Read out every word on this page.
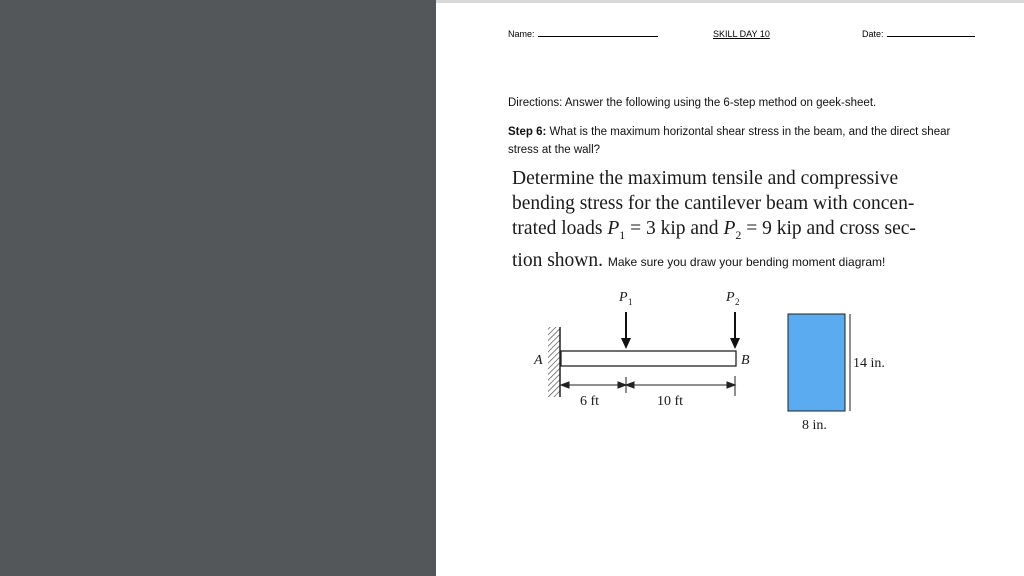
Name:	SKILL DAY 10	Date:
Directions: Answer the following using the 6-step method on geek-sheet.
Step 6: What is the maximum horizontal shear stress in the beam, and the direct shear stress at the wall?
Determine the maximum tensile and compressive
bending stress for the cantilever beam with concen-
trated loads $P_1 = 3$ kip and $P_2 = 9$ kip and cross sec-
tion shown. Make sure you draw your bending moment diagram!
P 1	P 2
A	B
6 ft	10 ft
14 in.
8 in.
